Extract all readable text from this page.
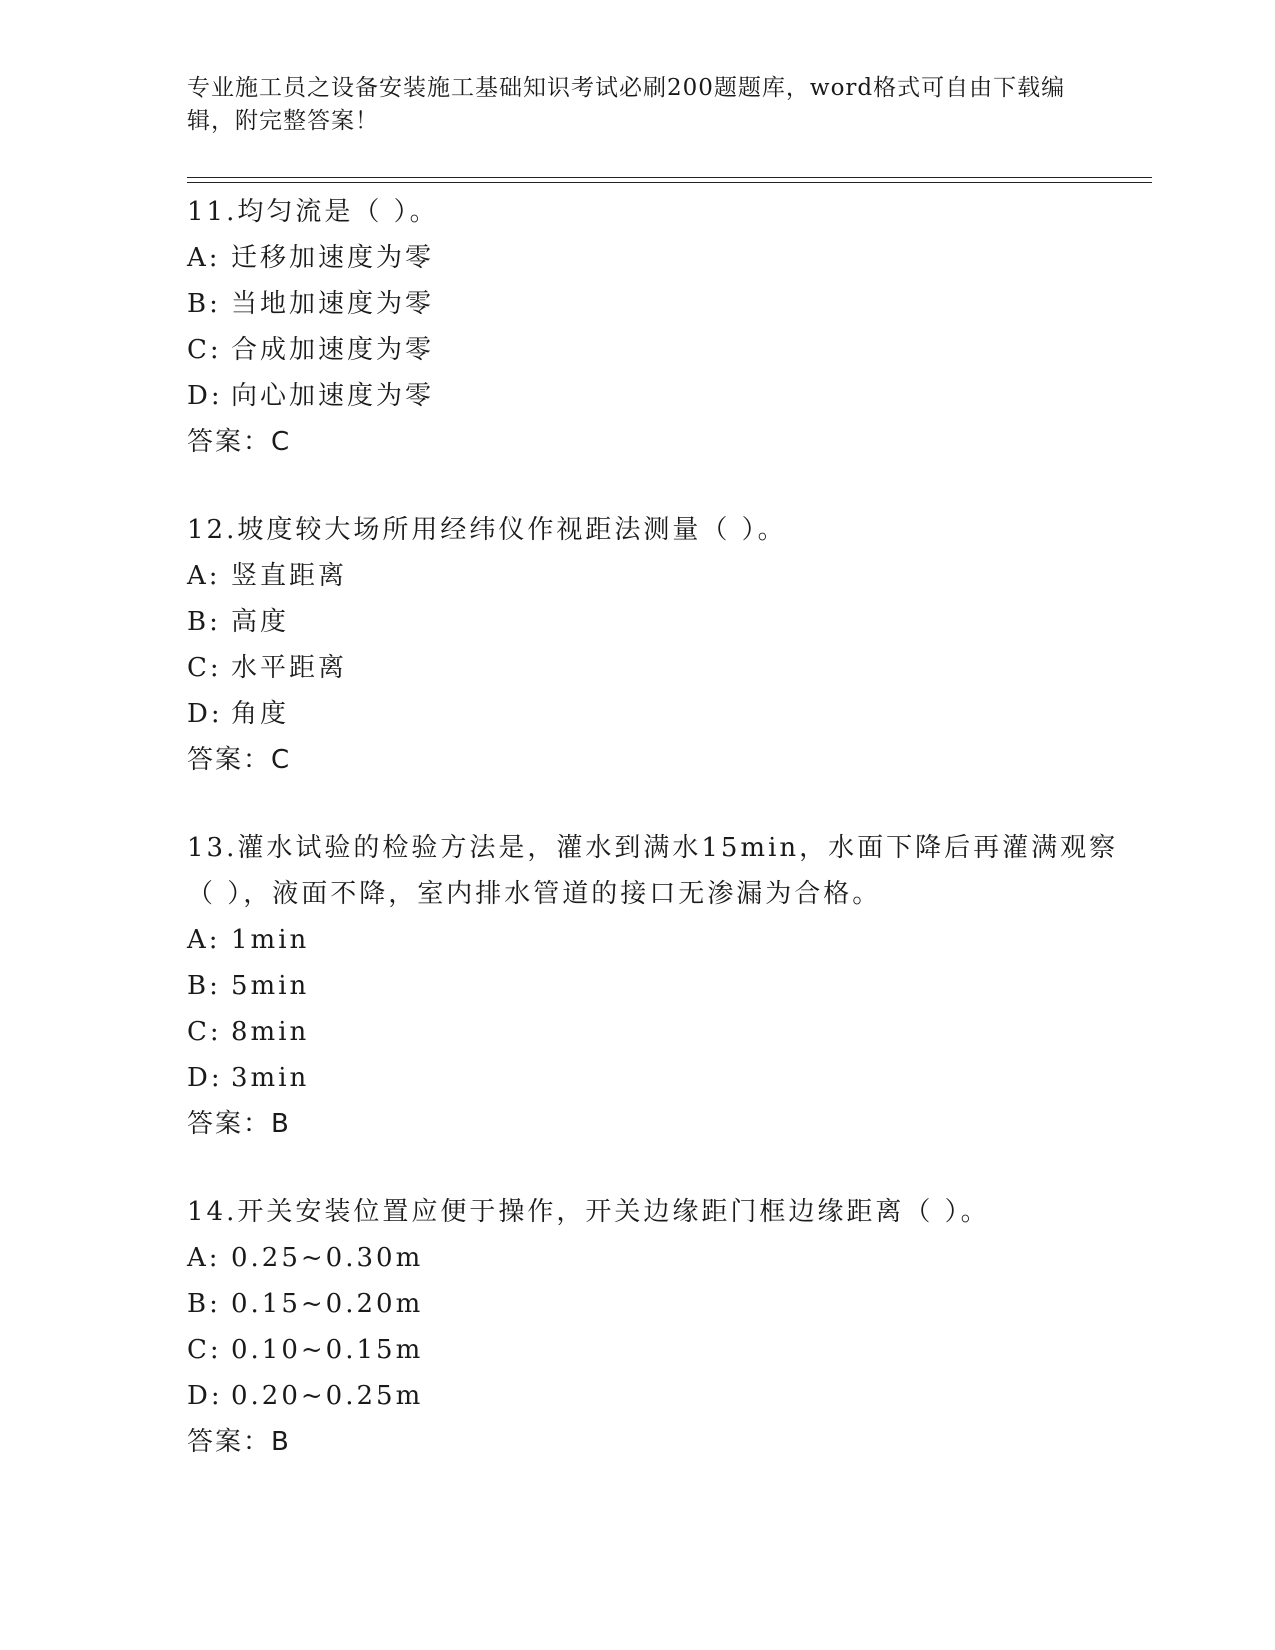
专业施工员之设备安装施工基础知识考试必刷200题题库，word格式可自由下载编辑，附完整答案！

11.均匀流是（ ）。

A: 迁移加速度为零

B: 当地加速度为零

C: 合成加速度为零

D: 向心加速度为零

答案：C

12.坡度较大场所用经纬仪作视距法测量（ ）。

A: 竖直距离

B: 高度

C: 水平距离

D: 角度

答案：C

13.灌水试验的检验方法是，灌水到满水15min，水面下降后再灌满观察（ ），液面不降，室内排水管道的接口无渗漏为合格。

A: 1min

B: 5min

C: 8min

D: 3min

答案：B

14.开关安装位置应便于操作，开关边缘距门框边缘距离（ ）。

A: 0.25~0.30m

B: 0.15~0.20m

C: 0.10~0.15m

D: 0.20~0.25m

答案：B
